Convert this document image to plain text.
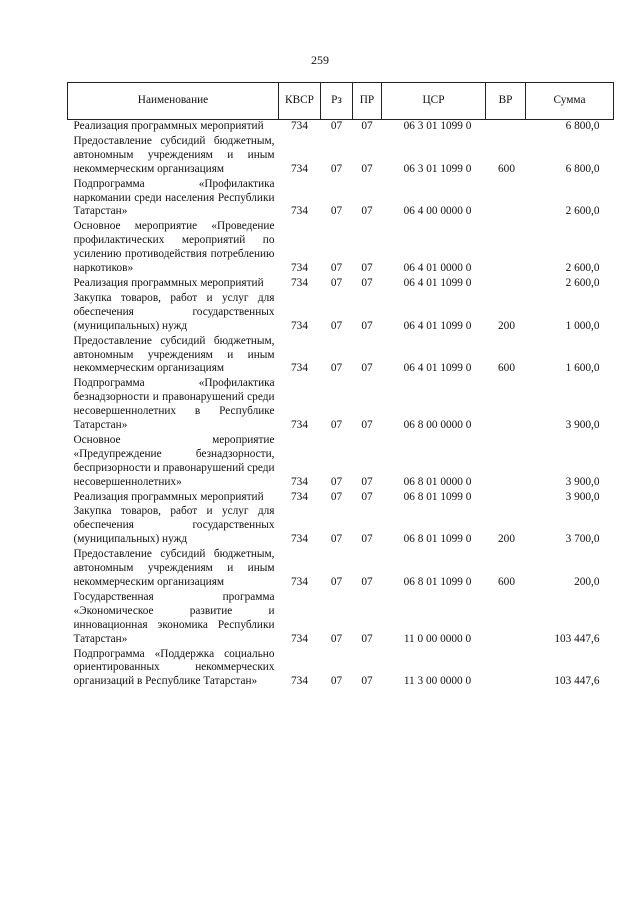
259
Наименование	КВСР	Рз	ПР	ЦСР	ВР	Сумма
Реализация программных мероприятий	734	07	07	06 3 01 1099 0		6 800,0
Предоставление субсидий бюджетным, автономным учреждениям и иным некоммерческим организациям	734	07	07	06 3 01 1099 0	600	6 800,0
Подпрограмма «Профилактика наркомании среди населения Республики Татарстан»	734	07	07	06 4 00 0000 0		2 600,0
Основное мероприятие «Проведение профилактических мероприятий по усилению противодействия потреблению наркотиков»	734	07	07	06 4 01 0000 0		2 600,0
Реализация программных мероприятий	734	07	07	06 4 01 1099 0		2 600,0
Закупка товаров, работ и услуг для обеспечения государственных (муниципальных) нужд	734	07	07	06 4 01 1099 0	200	1 000,0
Предоставление субсидий бюджетным, автономным учреждениям и иным некоммерческим организациям	734	07	07	06 4 01 1099 0	600	1 600,0
Подпрограмма «Профилактика безнадзорности и правонарушений среди несовершеннолетних в Республике Татарстан»	734	07	07	06 8 00 0000 0		3 900,0
Основное мероприятие «Предупреждение безнадзорности, беспризорности и правонарушений среди несовершеннолетних»	734	07	07	06 8 01 0000 0		3 900,0
Реализация программных мероприятий	734	07	07	06 8 01 1099 0		3 900,0
Закупка товаров, работ и услуг для обеспечения государственных (муниципальных) нужд	734	07	07	06 8 01 1099 0	200	3 700,0
Предоставление субсидий бюджетным, автономным учреждениям и иным некоммерческим организациям	734	07	07	06 8 01 1099 0	600	200,0
Государственная программа «Экономическое развитие и инновационная экономика Республики Татарстан»	734	07	07	11 0 00 0000 0		103 447,6
Подпрограмма «Поддержка социально ориентированных некоммерческих организаций в Республике Татарстан»	734	07	07	11 3 00 0000 0		103 447,6
